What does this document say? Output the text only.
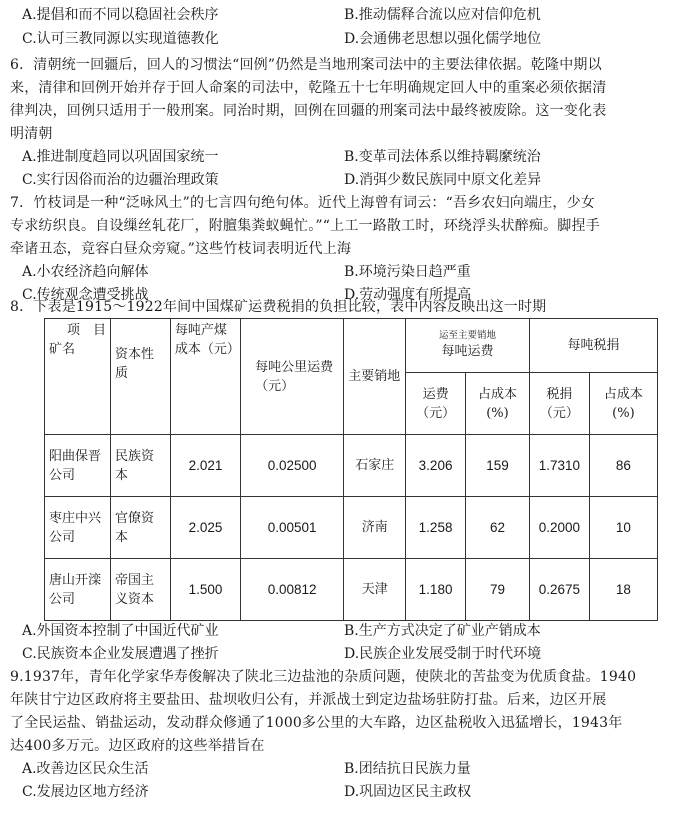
A.提倡和而不同以稳固社会秩序	B.推动儒释合流以应对信仰危机
C.认可三教同源以实现道德教化	D.会通佛老思想以强化儒学地位
6．清朝统一回疆后，回人的习惯法“回例”仍然是当地刑案司法中的主要法律依据。乾隆中期以
来，清律和回例开始并存于回人命案的司法中，乾隆五十七年明确规定回人中的重案必须依据清
律判决，回例只适用于一般刑案。同治时期，回例在回疆的刑案司法中最终被废除。这一变化表
明清朝
A.推进制度趋同以巩固国家统一	B.变革司法体系以维持羁縻统治
C.实行因俗而治的边疆治理政策	D.消弭少数民族同中原文化差异
7．竹枝词是一种“泛咏风土”的七言四句绝句体。近代上海曾有词云：“吾乡农妇向端庄，少女
专求纺织良。自设缫丝轧花厂，附膻集粪蚁蝇忙。”“上工一路散工时，环绕浮头状醉痴。脚捏手
牵诸丑态，竞容白昼众旁窥。”这些竹枝词表明近代上海
A.小农经济趋向解体	B.环境污染日趋严重
C.传统观念遭受挑战	D.劳动强度有所提高
8．下表是1915～1922年间中国煤矿运费税捐的负担比较，表中内容反映出这一时期
项　目
矿名	资本性质	每吨产煤成本（元）	每吨公里运费（元）	主要销地	运至主要销地
每吨运费		每吨税捐	
					运费（元）	占成本(%)	税捐（元）	占成本(%)
阳曲保晋公司	民族资本	2.021	0.02500	石家庄	3.206	159	1.7310	86
枣庄中兴公司	官僚资本	2.025	0.00501	济南	1.258	62	0.2000	10
唐山开滦公司	帝国主义资本	1.500	0.00812	天津	1.180	79	0.2675	18
A.外国资本控制了中国近代矿业	B.生产方式决定了矿业产销成本
C.民族资本企业发展遭遇了挫折	D.民族企业发展受制于时代环境
9.1937年，青年化学家华寿俊解决了陕北三边盐池的杂质问题，使陕北的苦盐变为优质食盐。1940
年陕甘宁边区政府将主要盐田、盐坝收归公有，并派战士到定边盐场驻防打盐。后来，边区开展
了全民运盐、销盐运动，发动群众修通了1000多公里的大车路，边区盐税收入迅猛增长，1943年
达400多万元。边区政府的这些举措旨在
A.改善边区民众生活	B.团结抗日民族力量
C.发展边区地方经济	D.巩固边区民主政权
